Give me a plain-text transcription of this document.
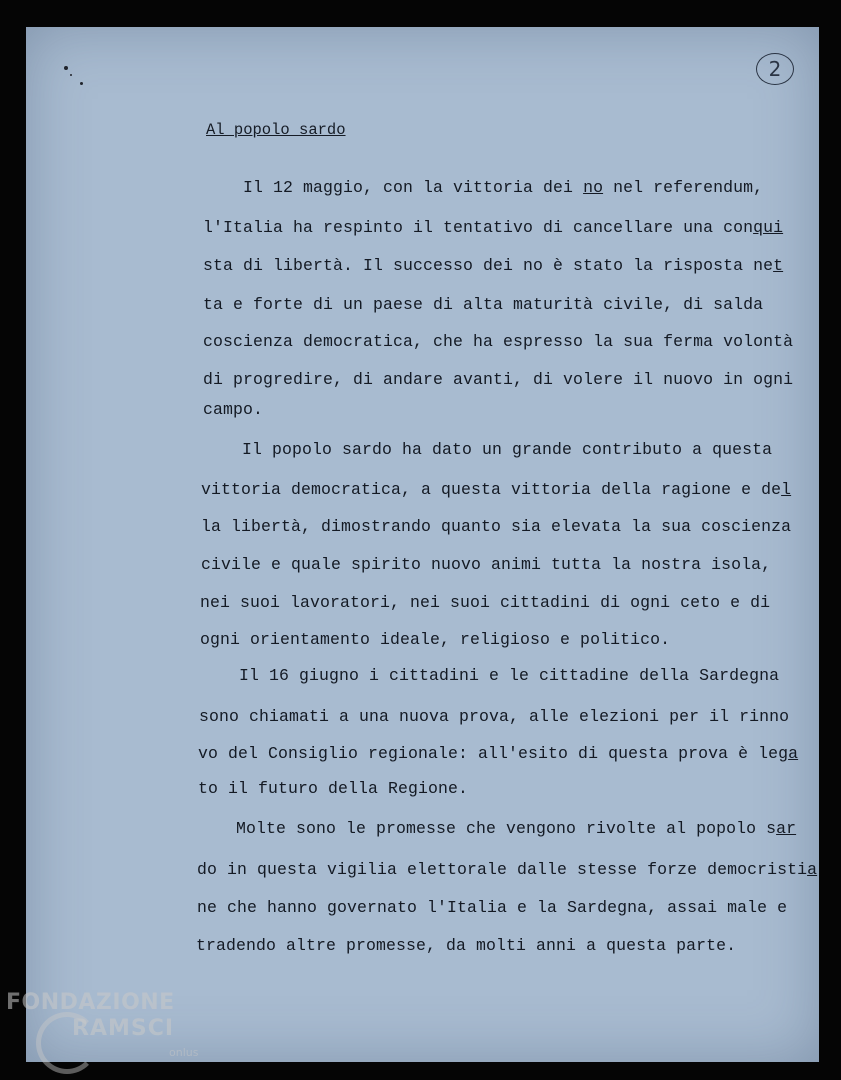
2
Al popolo sardo
Il 12 maggio, con la vittoria dei no nel referendum,
l'Italia ha respinto il tentativo di cancellare una conqui
sta di libertà. Il successo dei no è stato la risposta net
ta e forte di un paese di alta maturità civile, di salda
coscienza democratica, che ha espresso la sua ferma volontà
di progredire, di andare avanti, di volere il nuovo in ogni
campo.
Il popolo sardo ha dato un grande contributo a questa
vittoria democratica, a questa vittoria della ragione e del
la libertà, dimostrando quanto sia elevata la sua coscienza
civile e quale spirito nuovo animi tutta la nostra isola,
nei suoi lavoratori, nei suoi cittadini di ogni ceto e di
ogni orientamento ideale, religioso e politico.
Il 16 giugno i cittadini e le cittadine della Sardegna
sono chiamati a una nuova prova, alle elezioni per il rinno
vo del Consiglio regionale: all'esito di questa prova è lega
to il futuro della Regione.
Molte sono le promesse che vengono rivolte al popolo sar
do in questa vigilia elettorale dalle stesse forze democristia
ne che hanno governato l'Italia e la Sardegna, assai male e
tradendo altre promesse, da molti anni a questa parte.
FONDAZIONE
RAMSCI
onlus
